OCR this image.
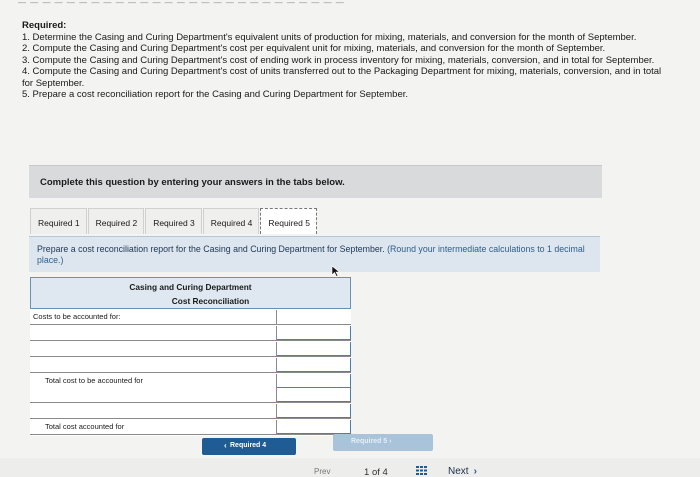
— — — — — — — — — — — — — — — — — — — — — — — — — — —
Required:
1. Determine the Casing and Curing Department's equivalent units of production for mixing, materials, and conversion for the month of September.
2. Compute the Casing and Curing Department's cost per equivalent unit for mixing, materials, and conversion for the month of September.
3. Compute the Casing and Curing Department's cost of ending work in process inventory for mixing, materials, conversion, and in total for September.
4. Compute the Casing and Curing Department's cost of units transferred out to the Packaging Department for mixing, materials, conversion, and in total for September.
5. Prepare a cost reconciliation report for the Casing and Curing Department for September.
Complete this question by entering your answers in the tabs below.
Required 1	Required 2	Required 3	Required 4	Required 5
Prepare a cost reconciliation report for the Casing and Curing Department for September. (Round your intermediate calculations to 1 decimal place.)
Casing and Curing Department
Cost Reconciliation
Costs to be accounted for:
Total cost to be accounted for
Total cost accounted for
‹ Required 4
Required 5 ›
Prev	1 of 4	Next ›
